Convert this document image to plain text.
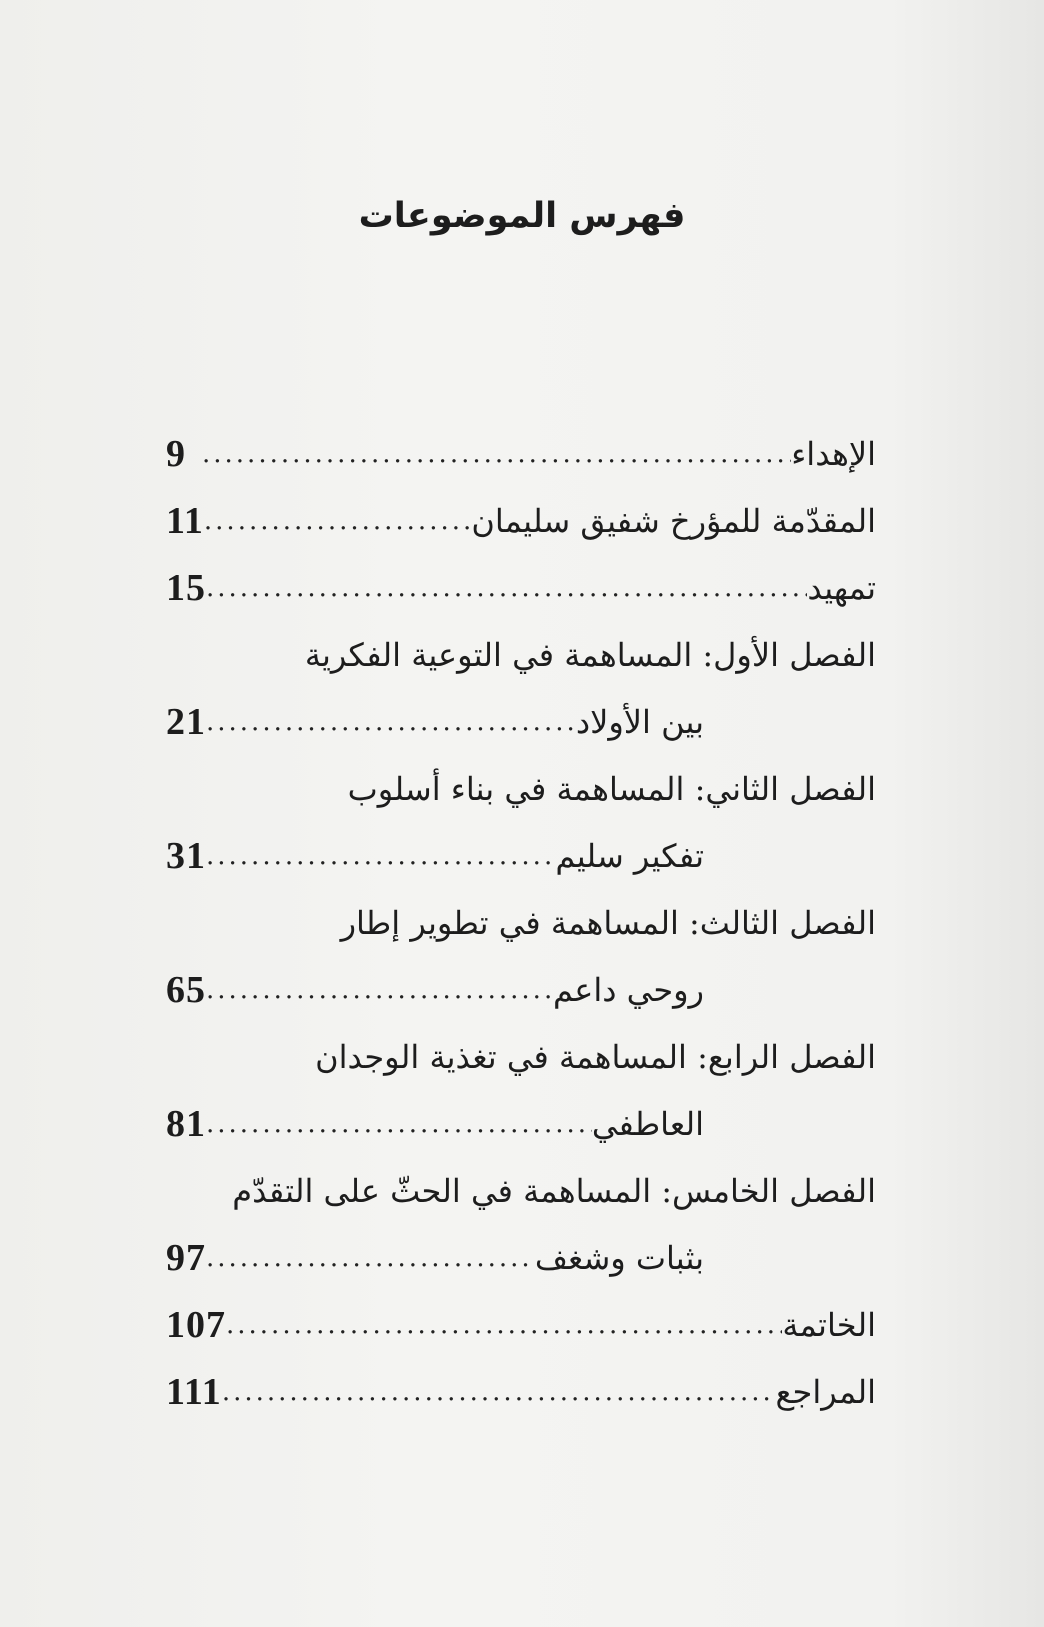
فهرس الموضوعات
الإهداء
.....
9
المقدّمة للمؤرخ شفيق سليمان
.....
11
تمهيد
.....
15
الفصل الأول: المساهمة في التوعية الفكرية
بين الأولاد
.....
21
الفصل الثاني: المساهمة في بناء أسلوب
تفكير سليم
.....
31
الفصل الثالث: المساهمة في تطوير إطار
روحي داعم
.....
65
الفصل الرابع: المساهمة في تغذية الوجدان
العاطفي
.....
81
الفصل الخامس: المساهمة في الحثّ على التقدّم
بثبات وشغف
.....
97
الخاتمة
.....
107
المراجع
.....
111
